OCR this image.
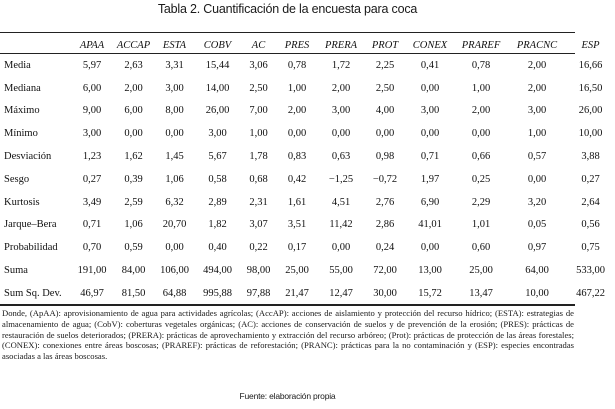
Tabla 2. Cuantificación de la encuesta para coca
	APAA	ACCAP	ESTA	COBV	AC	PRES	PRERA	PROT	CONEX	PRAREF	PRACNC	ESP
Media	5,97	2,63	3,31	15,44	3,06	0,78	1,72	2,25	0,41	0,78	2,00	16,66
Mediana	6,00	2,00	3,00	14,00	2,50	1,00	2,00	2,50	0,00	1,00	2,00	16,50
Máximo	9,00	6,00	8,00	26,00	7,00	2,00	3,00	4,00	3,00	2,00	3,00	26,00
Mínimo	3,00	0,00	0,00	3,00	1,00	0,00	0,00	0,00	0,00	0,00	1,00	10,00
Desviación	1,23	1,62	1,45	5,67	1,78	0,83	0,63	0,98	0,71	0,66	0,57	3,88
Sesgo	0,27	0,39	1,06	0,58	0,68	0,42	−1,25	−0,72	1,97	0,25	0,00	0,27
Kurtosis	3,49	2,59	6,32	2,89	2,31	1,61	4,51	2,76	6,90	2,29	3,20	2,64
Jarque–Bera	0,71	1,06	20,70	1,82	3,07	3,51	11,42	2,86	41,01	1,01	0,05	0,56
Probabilidad	0,70	0,59	0,00	0,40	0,22	0,17	0,00	0,24	0,00	0,60	0,97	0,75
Suma	191,00	84,00	106,00	494,00	98,00	25,00	55,00	72,00	13,00	25,00	64,00	533,00
Sum Sq. Dev.	46,97	81,50	64,88	995,88	97,88	21,47	12,47	30,00	15,72	13,47	10,00	467,22
Donde, (ApAA): aprovisionamiento de agua para actividades agrícolas; (AccAP): acciones de aislamiento y protección del recurso hídrico; (ESTA): estrategias de almacenamiento de agua; (CobV): coberturas vegetales orgánicas; (AC): acciones de conservación de suelos y de prevención de la erosión; (PRES): prácticas de restauración de suelos deteriorados; (PRERA): prácticas de aprovechamiento y extracción del recurso arbóreo; (Prot): prácticas de protección de las áreas forestales; (CONEX): conexiones entre áreas boscosas; (PRAREF): prácticas de reforestación; (PRANC): prácticas para la no contaminación y (ESP): especies encontradas asociadas a las áreas boscosas.
Fuente: elaboración propia
